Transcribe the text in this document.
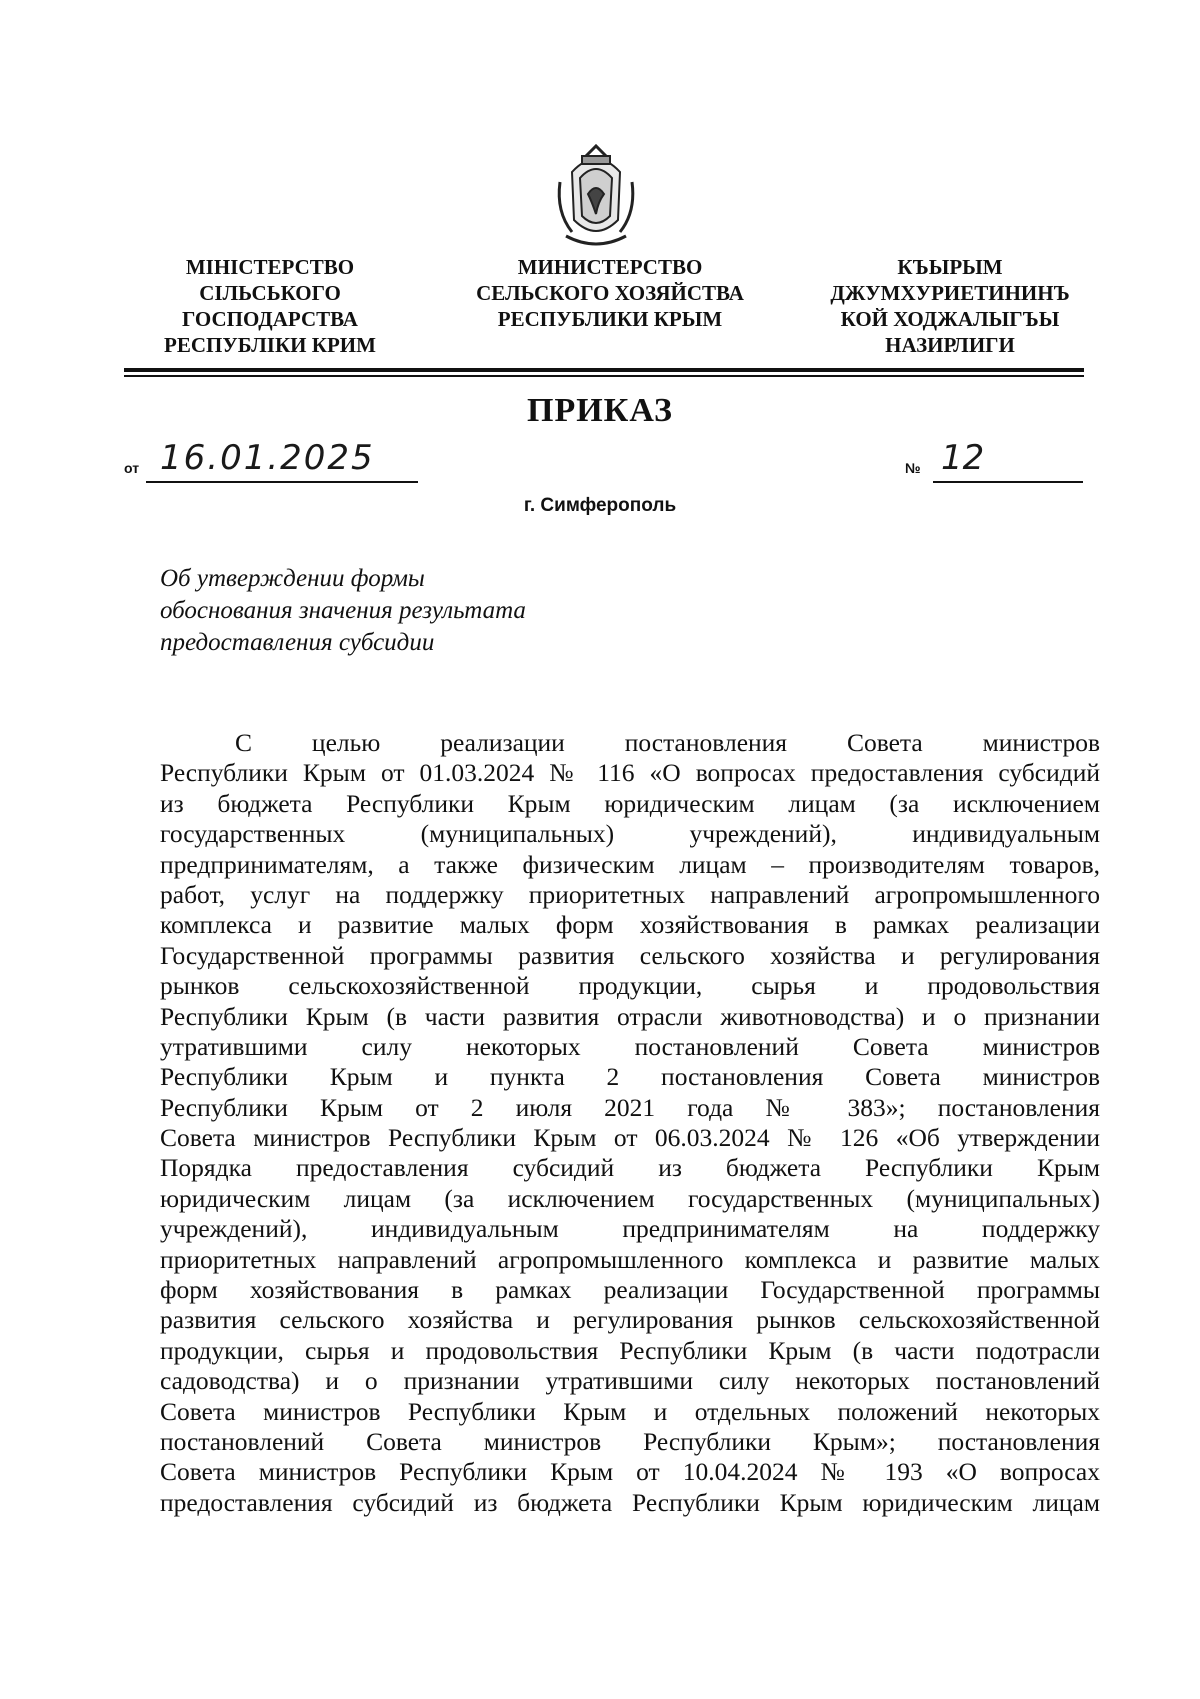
МІНІСТЕРСТВО
СІЛЬСЬКОГО
ГОСПОДАРСТВА
РЕСПУБЛІКИ КРИМ
МИНИСТЕРСТВО
СЕЛЬСКОГО ХОЗЯЙСТВА
РЕСПУБЛИКИ КРЫМ
КЪЫРЫМ
ДЖУМХУРИЕТИНИНЪ
КОЙ ХОДЖАЛЫГЪЫ
НАЗИРЛИГИ
ПРИКАЗ
от 16.01.2025	№ 12
г. Симферополь
Об утверждении формы
обоснования значения результата
предоставления субсидии
С целью реализации постановления Совета министров
Республики Крым от 01.03.2024 № 116 «О вопросах предоставления субсидий
из бюджета Республики Крым юридическим лицам (за исключением
государственных (муниципальных) учреждений), индивидуальным
предпринимателям, а также физическим лицам – производителям товаров,
работ, услуг на поддержку приоритетных направлений агропромышленного
комплекса и развитие малых форм хозяйствования в рамках реализации
Государственной программы развития сельского хозяйства и регулирования
рынков сельскохозяйственной продукции, сырья и продовольствия
Республики Крым (в части развития отрасли животноводства) и о признании
утратившими силу некоторых постановлений Совета министров
Республики Крым и пункта 2 постановления Совета министров
Республики Крым от 2 июля 2021 года № 383»; постановления
Совета министров Республики Крым от 06.03.2024 № 126 «Об утверждении
Порядка предоставления субсидий из бюджета Республики Крым
юридическим лицам (за исключением государственных (муниципальных)
учреждений), индивидуальным предпринимателям на поддержку
приоритетных направлений агропромышленного комплекса и развитие малых
форм хозяйствования в рамках реализации Государственной программы
развития сельского хозяйства и регулирования рынков сельскохозяйственной
продукции, сырья и продовольствия Республики Крым (в части подотрасли
садоводства) и о признании утратившими силу некоторых постановлений
Совета министров Республики Крым и отдельных положений некоторых
постановлений Совета министров Республики Крым»; постановления
Совета министров Республики Крым от 10.04.2024 № 193 «О вопросах
предоставления субсидий из бюджета Республики Крым юридическим лицам
